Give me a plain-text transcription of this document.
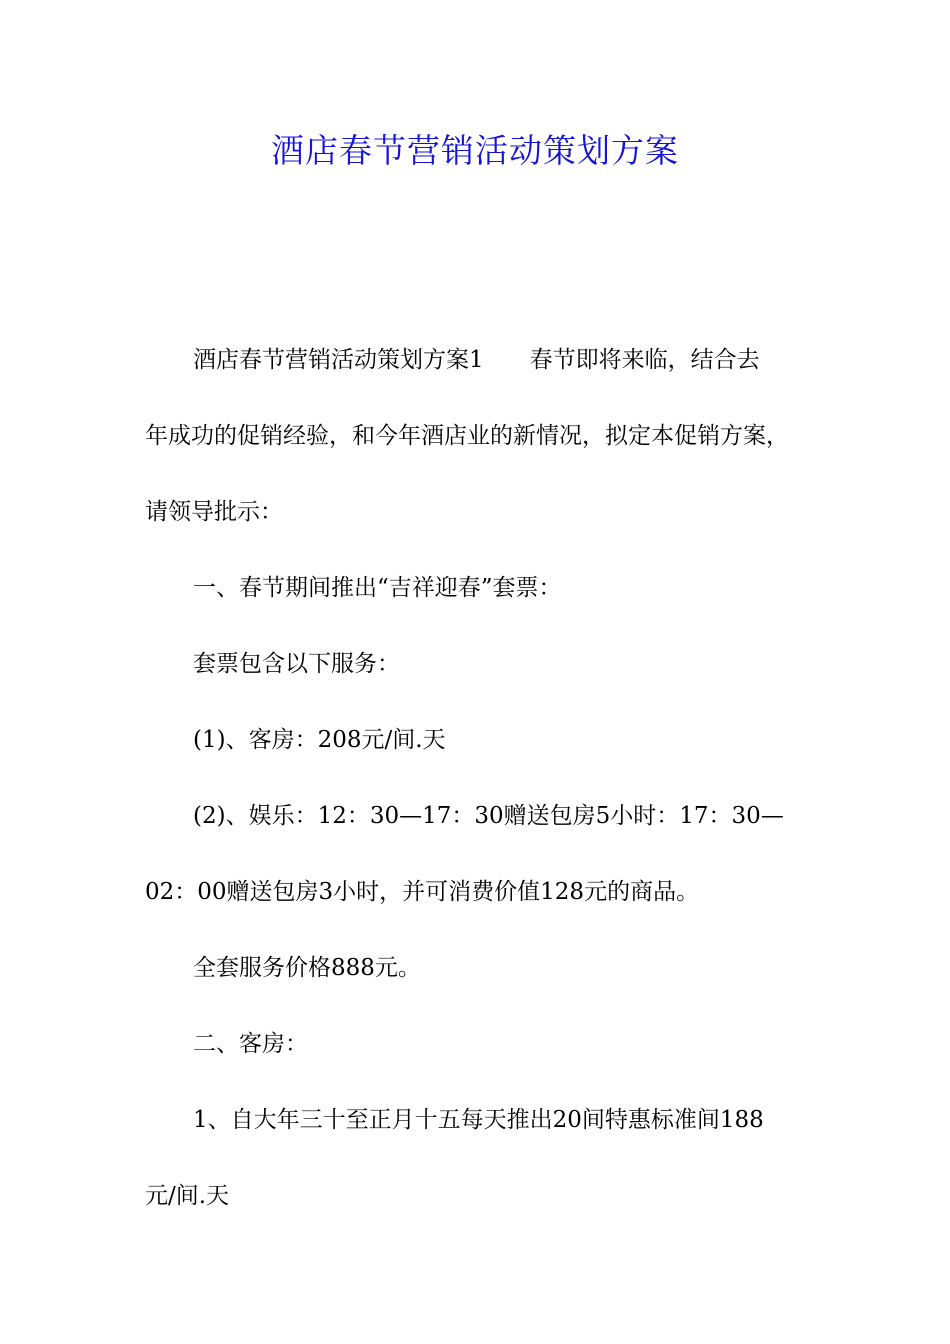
酒店春节营销活动策划方案
酒店春节营销活动策划方案1 春节即将来临，结合去
年成功的促销经验，和今年酒店业的新情况，拟定本促销方案，
请领导批示：
一、春节期间推出“吉祥迎春”套票：
套票包含以下服务：
(1)、客房：208元/间.天
(2)、娱乐：12：30—17：30赠送包房5小时：17：30—
02：00赠送包房3小时，并可消费价值128元的商品。
全套服务价格888元。
二、客房：
1、自大年三十至正月十五每天推出20间特惠标准间188
元/间.天
